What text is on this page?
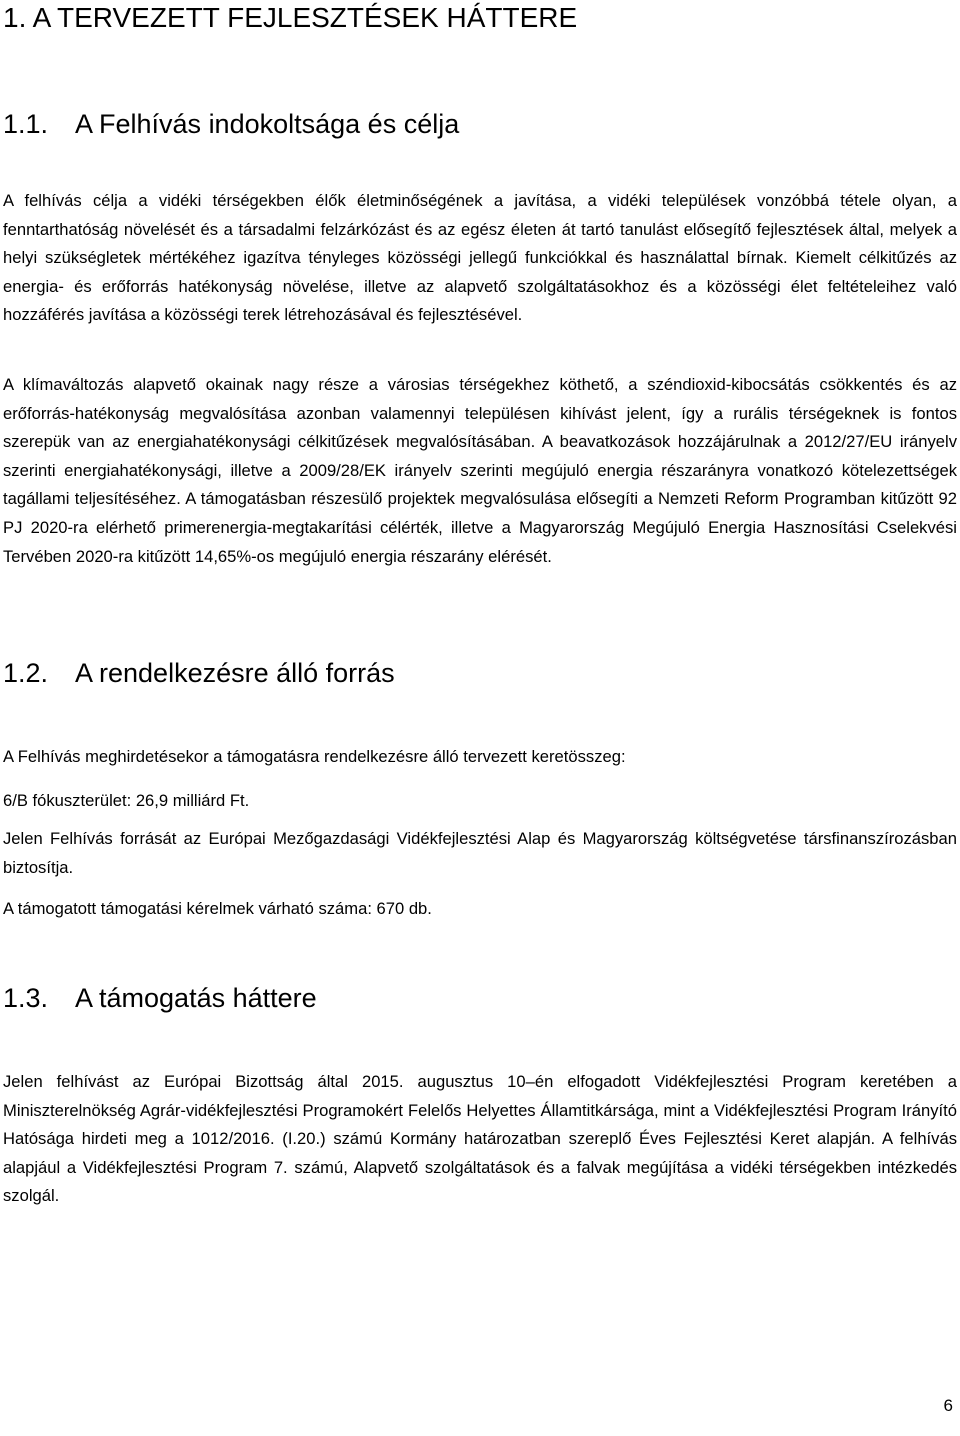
1. A TERVEZETT FEJLESZTÉSEK HÁTTERE
1.1. A Felhívás indokoltsága és célja

A felhívás célja a vidéki térségekben élők életminőségének a javítása, a vidéki települések vonzóbbá tétele olyan, a fenntarthatóság növelését és a társadalmi felzárkózást és az egész életen át tartó tanulást elősegítő fejlesztések által, melyek a helyi szükségletek mértékéhez igazítva tényleges közösségi jellegű funkciókkal és használattal bírnak. Kiemelt célkitűzés az energia- és erőforrás hatékonyság növelése, illetve az alapvető szolgáltatásokhoz és a közösségi élet feltételeihez való hozzáférés javítása a közösségi terek létrehozásával és fejlesztésével.

A klímaváltozás alapvető okainak nagy része a városias térségekhez köthető, a széndioxid-kibocsátás csökkentés és az erőforrás-hatékonyság megvalósítása azonban valamennyi településen kihívást jelent, így a rurális térségeknek is fontos szerepük van az energiahatékonysági célkitűzések megvalósításában. A beavatkozások hozzájárulnak a 2012/27/EU irányelv szerinti energiahatékonysági, illetve a 2009/28/EK irányelv szerinti megújuló energia részarányra vonatkozó kötelezettségek tagállami teljesítéséhez. A támogatásban részesülő projektek megvalósulása elősegíti a Nemzeti Reform Programban kitűzött 92 PJ 2020-ra elérhető primerenergia-megtakarítási célérték, illetve a Magyarország Megújuló Energia Hasznosítási Cselekvési Tervében 2020-ra kitűzött 14,65%-os megújuló energia részarány elérését.

1.2. A rendelkezésre álló forrás

A Felhívás meghirdetésekor a támogatásra rendelkezésre álló tervezett keretösszeg:

6/B fókuszterület: 26,9 milliárd Ft.

Jelen Felhívás forrását az Európai Mezőgazdasági Vidékfejlesztési Alap és Magyarország költségvetése társfinanszírozásban biztosítja.

A támogatott támogatási kérelmek várható száma: 670 db.

1.3. A támogatás háttere

Jelen felhívást az Európai Bizottság által 2015. augusztus 10–én elfogadott Vidékfejlesztési Program keretében a Miniszterelnökség Agrár-vidékfejlesztési Programokért Felelős Helyettes Államtitkársága, mint a Vidékfejlesztési Program Irányító Hatósága hirdeti meg a 1012/2016. (I.20.) számú Kormány határozatban szereplő Éves Fejlesztési Keret alapján. A felhívás alapjául a Vidékfejlesztési Program 7. számú, Alapvető szolgáltatások és a falvak megújítása a vidéki térségekben intézkedés szolgál.

6
